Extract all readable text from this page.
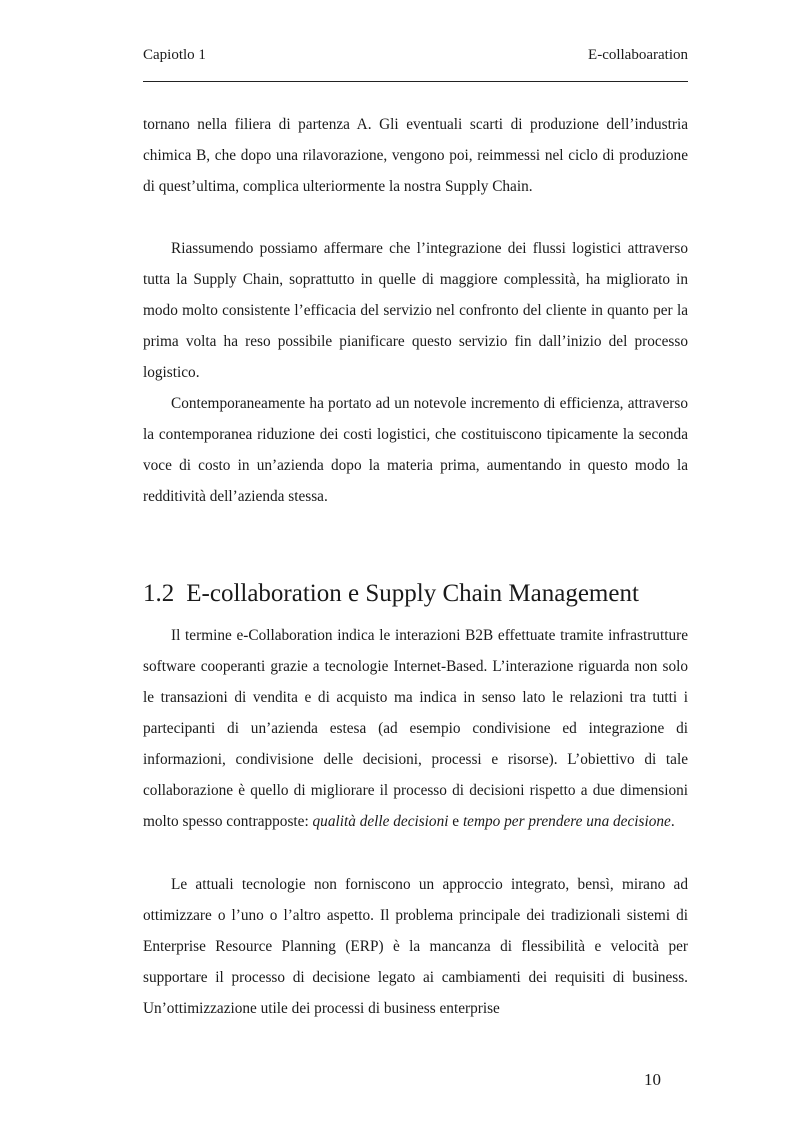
Capiotlo 1	E-collaboaration

tornano nella filiera di partenza A. Gli eventuali scarti di produzione dell’industria chimica B, che dopo una rilavorazione, vengono poi, reimmessi nel ciclo di produzione di quest’ultima, complica ulteriormente la nostra Supply Chain.

Riassumendo possiamo affermare che l’integrazione dei flussi logistici attraverso tutta la Supply Chain, soprattutto in quelle di maggiore complessità, ha migliorato in modo molto consistente l’efficacia del servizio nel confronto del cliente in quanto per la prima volta ha reso possibile pianificare questo servizio fin dall’inizio del processo logistico.

Contemporaneamente ha portato ad un notevole incremento di efficienza, attraverso la contemporanea riduzione dei costi logistici, che costituiscono tipicamente la seconda voce di costo in un’azienda dopo la materia prima, aumentando in questo modo la redditività dell’azienda stessa.

1.2 E-collaboration e Supply Chain Management

Il termine e-Collaboration indica le interazioni B2B effettuate tramite infrastrutture software cooperanti grazie a tecnologie Internet-Based. L’interazione riguarda non solo le transazioni di vendita e di acquisto ma indica in senso lato le relazioni tra tutti i partecipanti di un’azienda estesa (ad esempio condivisione ed integrazione di informazioni, condivisione delle decisioni, processi e risorse). L’obiettivo di tale collaborazione è quello di migliorare il processo di decisioni rispetto a due dimensioni molto spesso contrapposte: qualità delle decisioni e tempo per prendere una decisione.

Le attuali tecnologie non forniscono un approccio integrato, bensì, mirano ad ottimizzare o l’uno o l’altro aspetto. Il problema principale dei tradizionali sistemi di Enterprise Resource Planning (ERP) è la mancanza di flessibilità e velocità per supportare il processo di decisione legato ai cambiamenti dei requisiti di business. Un’ottimizzazione utile dei processi di business enterprise

10
